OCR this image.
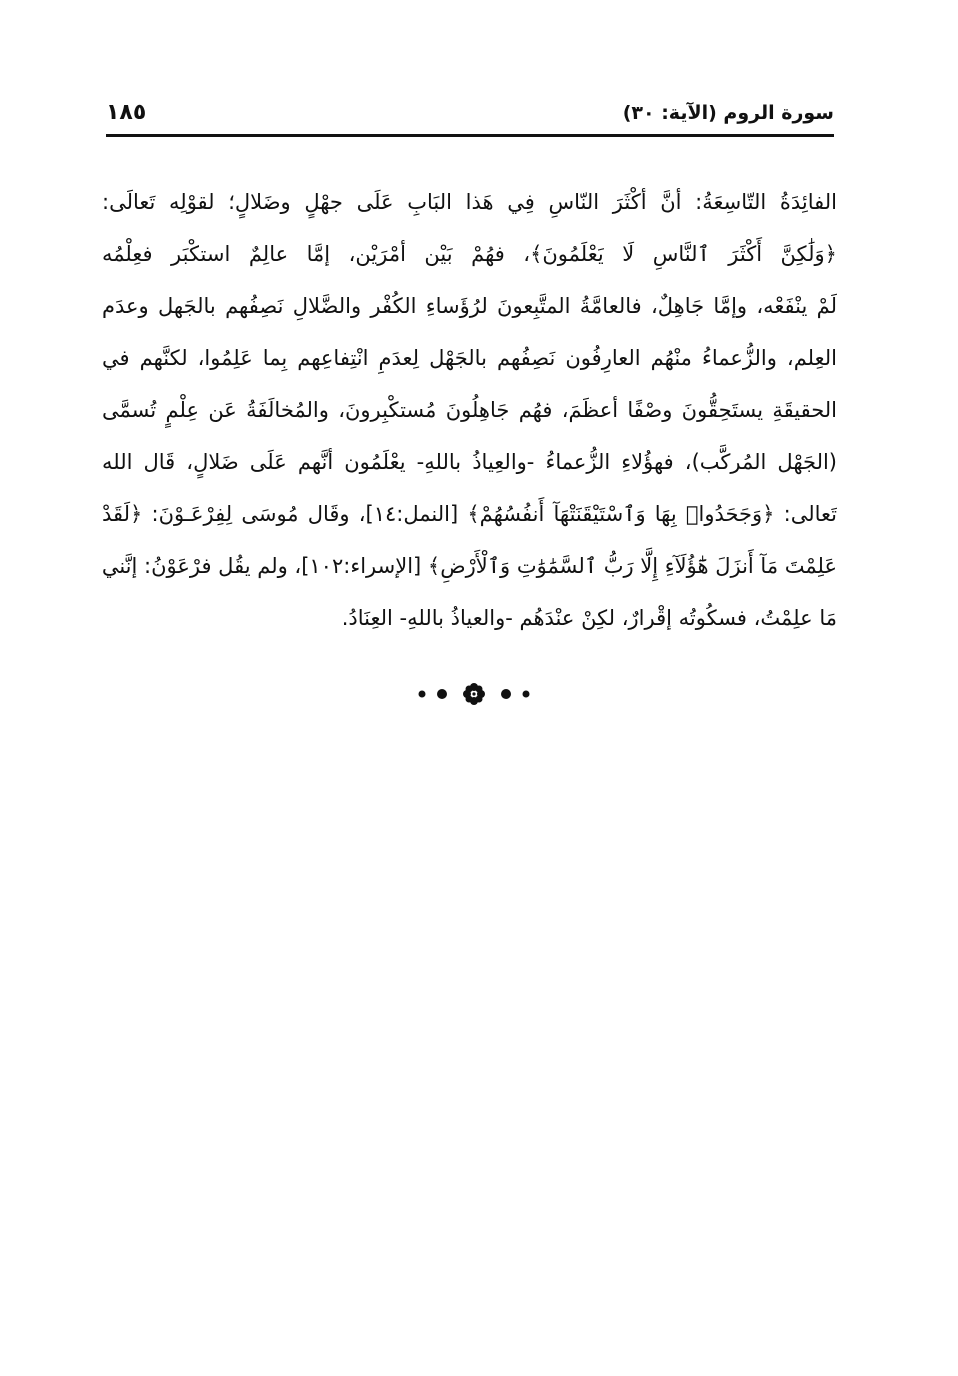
١٨٥	سورة الروم (الآية: ٣٠)
الفائِدَةُ التّاسِعَةُ: أنَّ أكْثَرَ النّاسِ فِي هَذا البَابِ عَلَى جهْلٍ وضَلالٍ؛ لقوْلِه تَعالَى:
﴿وَلَٰكِنَّ أَكْثَرَ ٱلنَّاسِ لَا يَعْلَمُونَ﴾، فهُمْ بَيْن أمْرَيْن، إمَّا عالِمٌ استكْبَر فعِلْمُه
لَمْ ينْفَعْه، وإمَّا جَاهِلٌ، فالعامَّةُ المتَّبِعونَ لرُؤَساءِ الكُفْر والضَّلالِ نَصِفُهم بالجَهل وعدَم
العِلم، والزُّعماءُ منْهُم العارِفُون نَصِفُهم بالجَهْل لِعدَمِ انْتِفاعِهم بِما عَلِمُوا، لكنَّهم في
الحقيقَةِ يستَحِقُّونَ وصْفًا أعظَمَ، فهُم جَاهِلُونَ مُستكْبِرونَ، والمُخالَفَةُ عَن عِلْمٍ تُسمَّى
(الجَهْل المُركَّب)، فهؤُلاءِ الزُّعماءُ -والعِياذُ باللهِ- يعْلَمُون أنَّهم عَلَى ضَلالٍ، قَال الله
تَعالى: ﴿وَجَحَدُوا۟ بِهَا وَٱسْتَيْقَنَتْهَآ أَنفُسُهُمْ﴾ [النمل:١٤]، وقَال مُوسَى لِفِرْعَـوْنَ: ﴿لَقَدْ
عَلِمْتَ مَآ أَنزَلَ هَٰٓؤُلَآءِ إِلَّا رَبُّ ٱلسَّمَٰوَٰتِ وَٱلْأَرْضِ﴾ [الإسراء:١٠٢]، ولم يقُل فرْعَوْنُ: إنَّني
مَا علِمْتُ، فسكُوتُه إقْرارٌ، لكِنْ عنْدَهُم -والعياذُ باللهِ- العِنَادُ.
